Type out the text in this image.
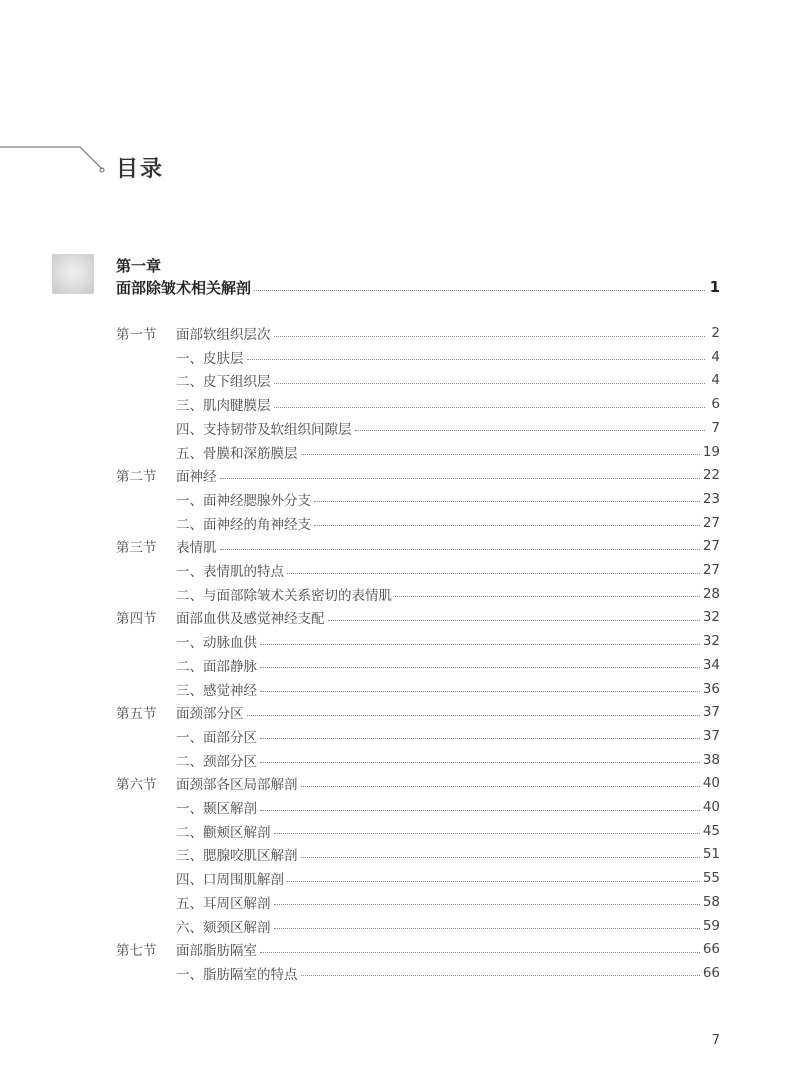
目录
第一章
面部除皱术相关解剖	1
第一节 面部软组织层次	2
一、皮肤层	4
二、皮下组织层	4
三、肌肉腱膜层	6
四、支持韧带及软组织间隙层	7
五、骨膜和深筋膜层	19
第二节 面神经	22
一、面神经腮腺外分支	23
二、面神经的角神经支	27
第三节 表情肌	27
一、表情肌的特点	27
二、与面部除皱术关系密切的表情肌	28
第四节 面部血供及感觉神经支配	32
一、动脉血供	32
二、面部静脉	34
三、感觉神经	36
第五节 面颈部分区	37
一、面部分区	37
二、颈部分区	38
第六节 面颈部各区局部解剖	40
一、颞区解剖	40
二、颧颊区解剖	45
三、腮腺咬肌区解剖	51
四、口周围肌解剖	55
五、耳周区解剖	58
六、颏颈区解剖	59
第七节 面部脂肪隔室	66
一、脂肪隔室的特点	66
7
